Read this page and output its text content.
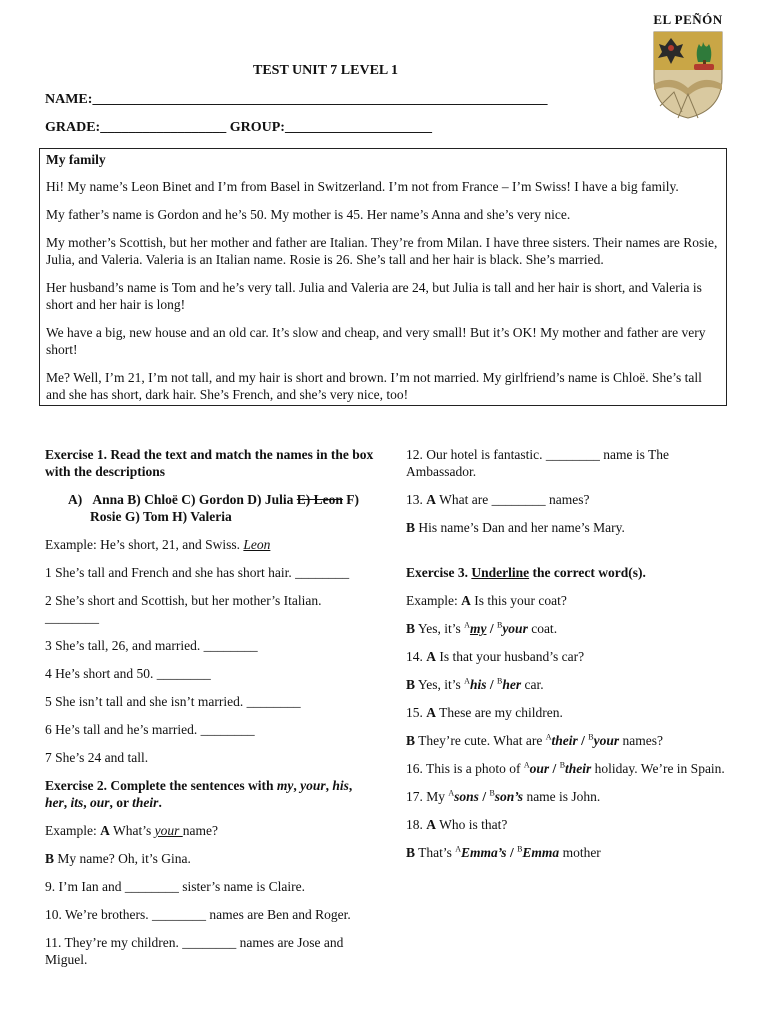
TEST UNIT 7 LEVEL 1
NAME:_________________________________________________________________
GRADE:__________________ GROUP:_____________________
EL PEÑÓN

My family

Hi! My name’s Leon Binet and I’m from Basel in Switzerland. I’m not from France – I’m Swiss! I have a big family.

My father’s name is Gordon and he’s 50. My mother is 45. Her name’s Anna and she’s very nice.

My mother’s Scottish, but her mother and father are Italian. They’re from Milan. I have three sisters. Their names are Rosie, Julia, and Valeria. Valeria is an Italian name. Rosie is 26. She’s tall and her hair is black. She’s married.

Her husband’s name is Tom and he’s very tall. Julia and Valeria are 24, but Julia is tall and her hair is short, and Valeria is short and her hair is long!

We have a big, new house and an old car. It’s slow and cheap, and very small! But it’s OK! My mother and father are very short!

Me? Well, I’m 21, I’m not tall, and my hair is short and brown. I’m not married. My girlfriend’s name is Chloë. She’s tall and she has short, dark hair. She’s French, and she’s very nice, too!

Exercise 1. Read the text and match the names in the box with the descriptions

A) Anna B) Chloë C) Gordon D) Julia E) Leon F) Rosie G) Tom H) Valeria

Example: He’s short, 21, and Swiss. Leon

1 She’s tall and French and she has short hair. ________

2 She’s short and Scottish, but her mother’s Italian. ________

3 She’s tall, 26, and married. ________

4 He’s short and 50. ________

5 She isn’t tall and she isn’t married. ________

6 He’s tall and he’s married. ________

7 She’s 24 and tall.

Exercise 2. Complete the sentences with my, your, his, her, its, our, or their.

Example: A What’s your name?

B My name? Oh, it’s Gina.

9. I’m Ian and ________ sister’s name is Claire.

10. We’re brothers. ________ names are Ben and Roger.

11. They’re my children. ________ names are Jose and Miguel.

12. Our hotel is fantastic. ________ name is The Ambassador.

13. A What are ________ names?

B His name’s Dan and her name’s Mary.

Exercise 3. Underline the correct word(s).

Example: A Is this your coat?

B Yes, it’s $^A$my / $^B$your coat.

14. A Is that your husband’s car?

B Yes, it’s $^A$his / $^B$her car.

15. A These are my children.

B They’re cute. What are $^A$their / $^B$your names?

16. This is a photo of $^A$our / $^B$their holiday. We’re in Spain.

17. My $^A$sons / $^B$son’s name is John.

18. A Who is that?

B That’s $^A$Emma’s / $^B$Emma mother
